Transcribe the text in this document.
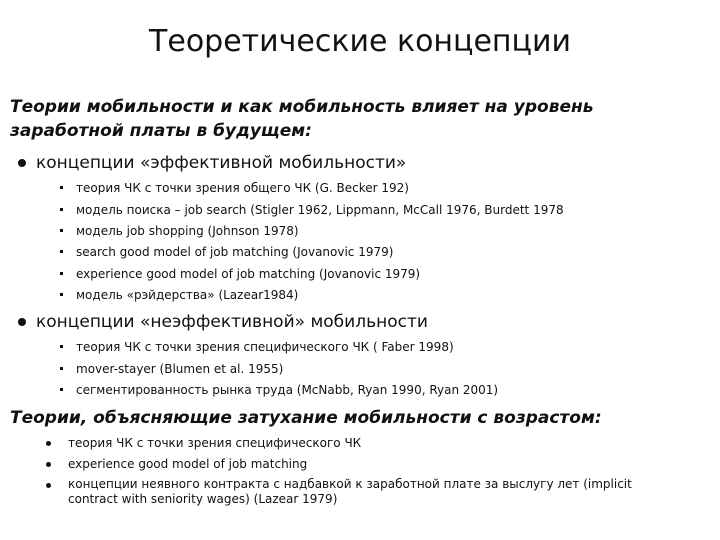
Теоретические концепции
Теории мобильности и как мобильность влияет на уровень
заработной платы в будущем:
концепции «эффективной мобильности»
теория ЧК с точки зрения общего ЧК (G. Becker 192)
модель поиска – job search (Stigler 1962, Lippmann, McCall 1976, Burdett 1978
модель job shopping (Johnson 1978)
search good model of job matching (Jovanovic 1979)
experience good model of job matching (Jovanovic 1979)
модель «рэйдерства» (Lazear1984)
концепции «неэффективной» мобильности
теория ЧК с точки зрения специфического ЧК ( Faber 1998)
mover-stayer (Blumen et al. 1955)
сегментированность рынка труда (McNabb, Ryan 1990, Ryan 2001)
Теории, объясняющие затухание мобильности с возрастом:
теория ЧК с точки зрения специфического ЧК
experience good model of job matching
концепции неявного контракта с надбавкой к заработной плате за выслугу лет (implicit contract with seniority wages) (Lazear 1979)
